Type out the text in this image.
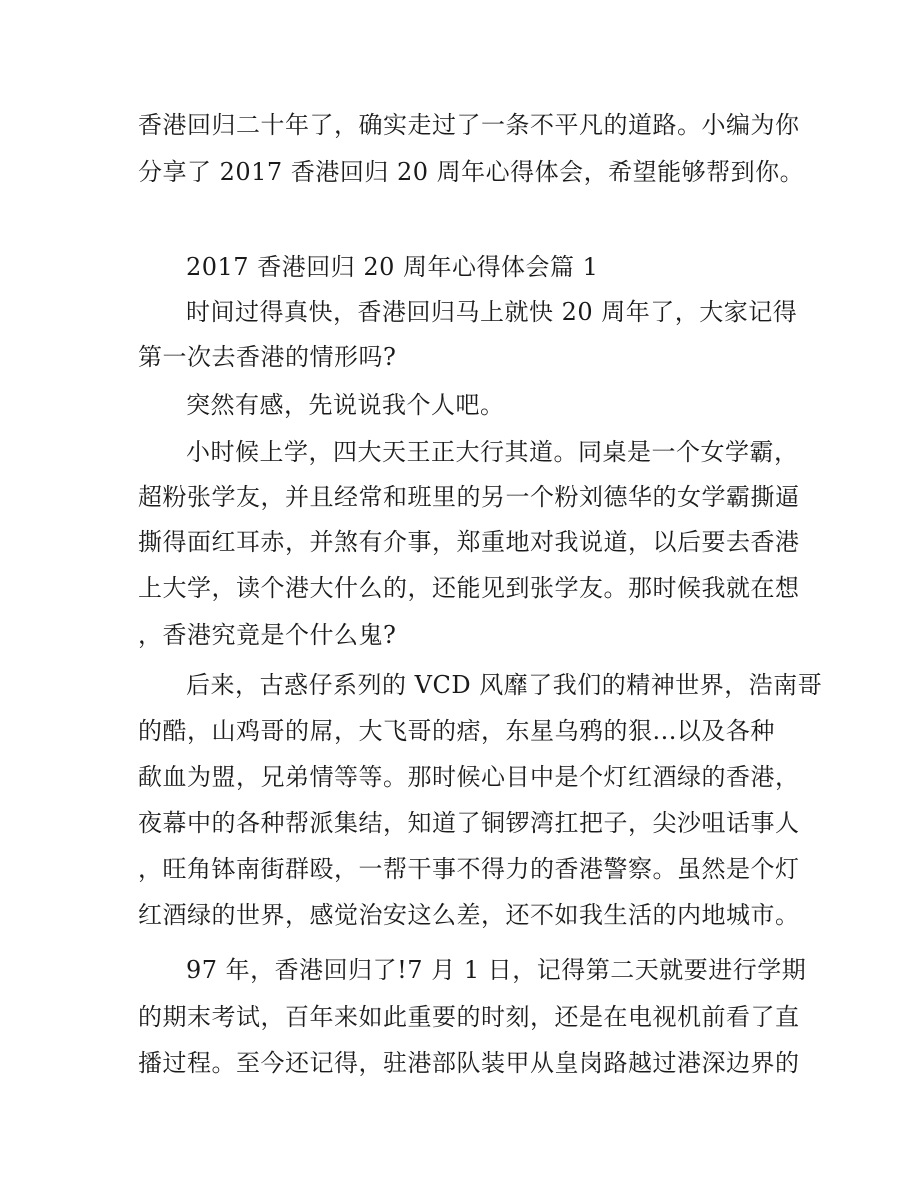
香港回归二十年了，确实走过了一条不平凡的道路。小编为你
分享了 2017 香港回归 20 周年心得体会，希望能够帮到你。
2017 香港回归 20 周年心得体会篇 1
时间过得真快，香港回归马上就快 20 周年了，大家记得
第一次去香港的情形吗?
突然有感，先说说我个人吧。
小时候上学，四大天王正大行其道。同桌是一个女学霸，
超粉张学友，并且经常和班里的另一个粉刘德华的女学霸撕逼
撕得面红耳赤，并煞有介事，郑重地对我说道，以后要去香港
上大学，读个港大什么的，还能见到张学友。那时候我就在想
，香港究竟是个什么鬼?
后来，古惑仔系列的 VCD 风靡了我们的精神世界，浩南哥
的酷，山鸡哥的屌，大飞哥的痞，东星乌鸦的狠...以及各种
歃血为盟，兄弟情等等。那时候心目中是个灯红酒绿的香港，
夜幕中的各种帮派集结，知道了铜锣湾扛把子，尖沙咀话事人
，旺角钵南街群殴，一帮干事不得力的香港警察。虽然是个灯
红酒绿的世界，感觉治安这么差，还不如我生活的内地城市。
97 年，香港回归了!7 月 1 日，记得第二天就要进行学期
的期末考试，百年来如此重要的时刻，还是在电视机前看了直
播过程。至今还记得，驻港部队装甲从皇岗路越过港深边界的
